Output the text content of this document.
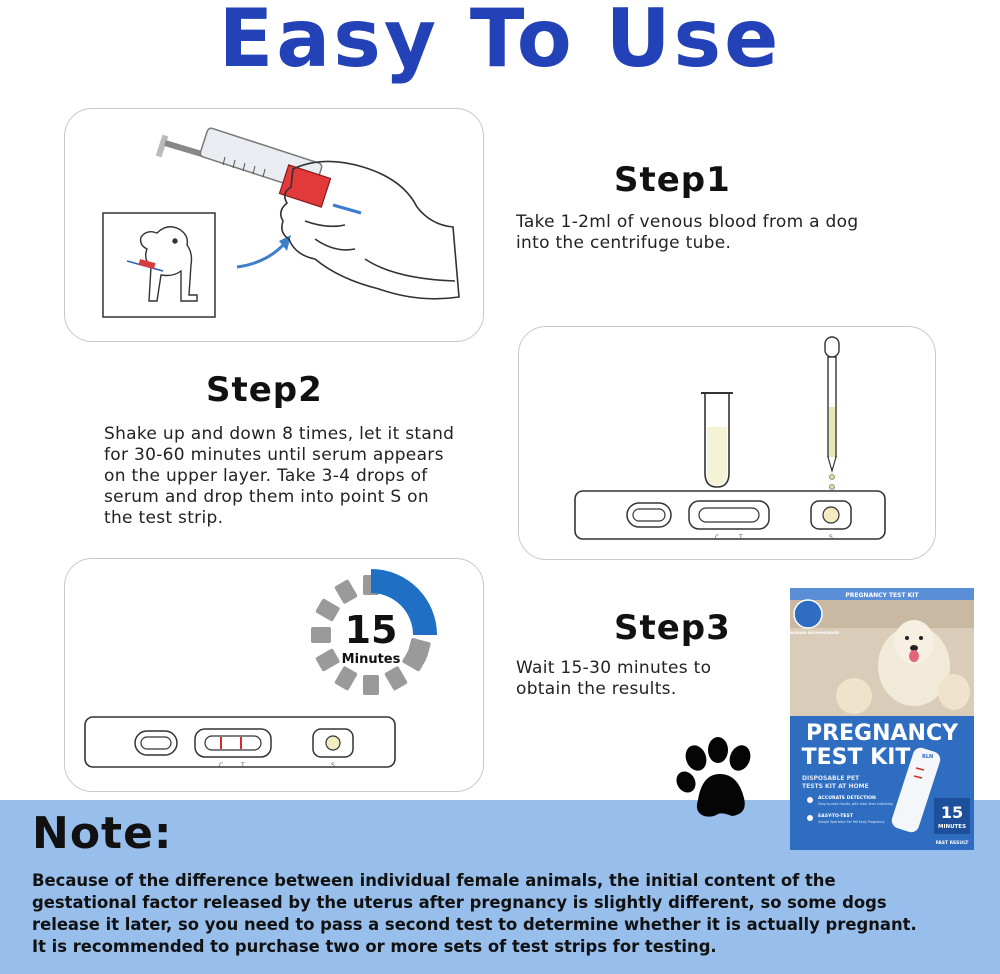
Easy To Use
Step1
Take 1-2ml of venous blood from a dog
into the centrifuge tube.
C	T	S
Step2
Shake up and down 8 times, let it stand
for 30-60 minutes until serum appears
on the upper layer. Take 3-4 drops of
serum and drop them into point S on
the test strip.
15
Minutes
C	T	S
Step3
Wait 15-30 minutes to
obtain the results.
PREGNANCY TEST KIT
VETERINARIAN RECOMMENDED
PREGNANCY
TEST KIT
DISPOSABLE PET
TESTS KIT AT HOME
ACCURATE DETECTION
Easy-to-read results, with clear lines indicating
EASY-TO-TEST
Simple Operation For Pet Early Pregnancy
RLN
15
MINUTES
FAST RESULT
Note:
Because of the difference between individual female animals, the initial content of the
gestational factor released by the uterus after pregnancy is slightly different, so some dogs
release it later, so you need to pass a second test to determine whether it is actually pregnant.
It is recommended to purchase two or more sets of test strips for testing.
